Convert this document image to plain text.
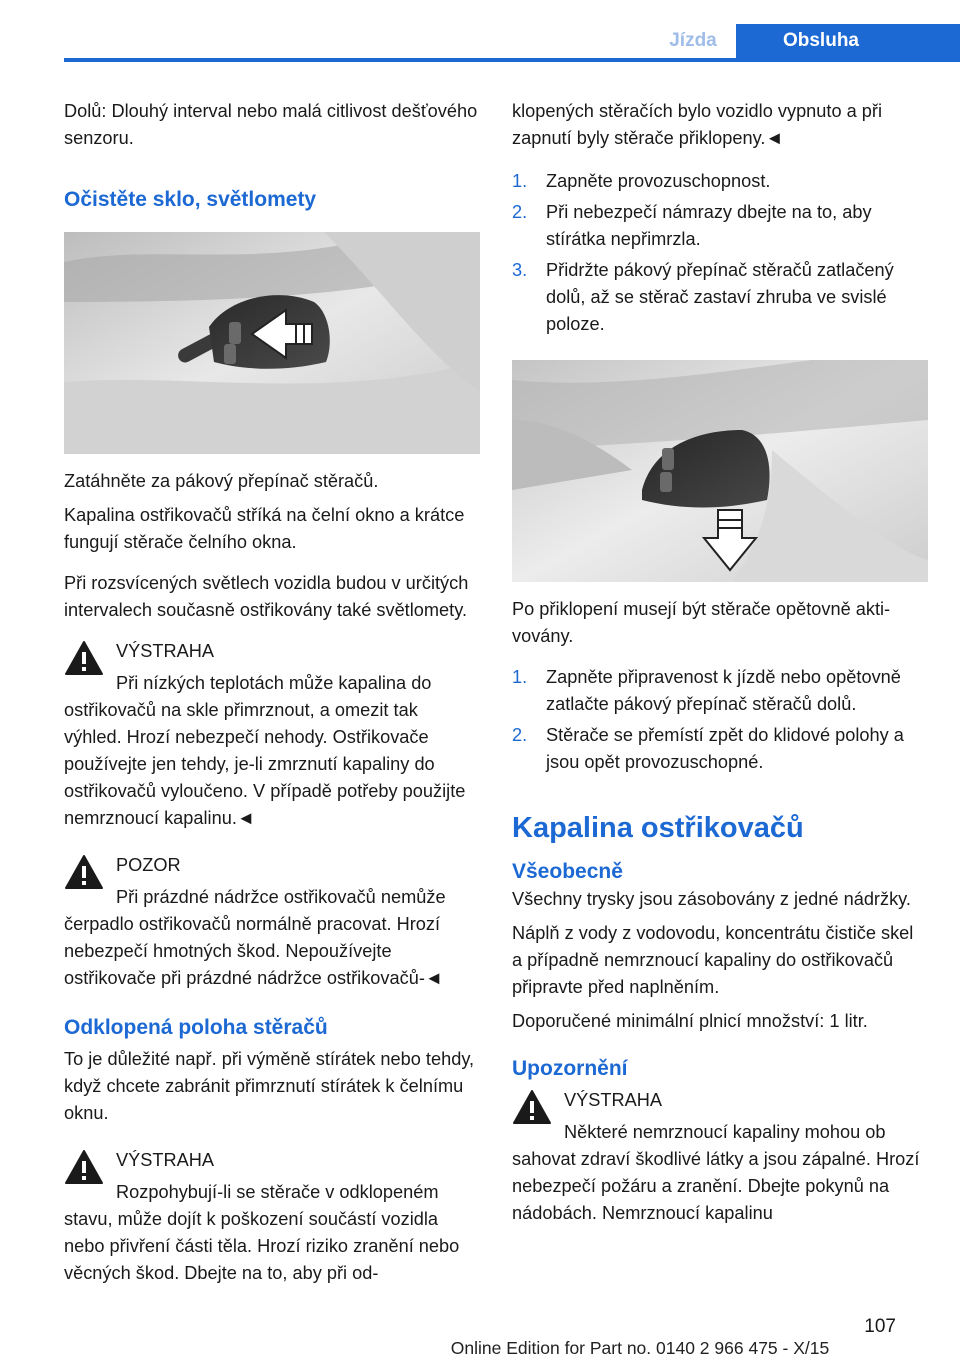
Jízda	Obsluha

Dolů: Dlouhý interval nebo malá citlivost dešťového senzoru.

Očistěte sklo, světlomety

Zatáhněte za pákový přepínač stěračů.

Kapalina ostřikovačů stříká na čelní okno a krátce fungují stěrače čelního okna.

Při rozsvícených světlech vozidla budou v určitých intervalech současně ostřikovány také světlomety.

VÝSTRAHA
Při nízkých teplotách může kapalina do
ostřikovačů na skle přimrznout, a omezit tak výhled. Hrozí nebezpečí nehody. Ostřikovače používejte jen tehdy, je-li zmrznutí kapaliny do ostřikovačů vyloučeno. V případě potřeby použijte nemrznoucí kapalinu.◄
POZOR
Při prázdné nádržce ostřikovačů nemůže
čerpadlo ostřikovačů normálně pracovat. Hrozí nebezpečí hmotných škod. Nepoužívejte ostřikovače při prázdné nádržce ostřikovačů-◄
Odklopená poloha stěračů

To je důležité např. při výměně stírátek nebo tehdy, když chcete zabránit přimrznutí stírátek k čelnímu oknu.

VÝSTRAHA
Rozpohybují-li se stěrače v odklopeném
stavu, může dojít k poškození součástí vozidla nebo přivření části těla. Hrozí riziko zranění nebo věcných škod. Dbejte na to, aby při od-

klopených stěračích bylo vozidlo vypnuto a při zapnutí byly stěrače přiklopeny.◄

1. Zapněte provozuschopnost.
2. Při nebezpečí námrazy dbejte na to, aby stírátka nepřimrzla.
3. Přidržte pákový přepínač stěračů zatlačený dolů, až se stěrač zastaví zhruba ve svislé poloze.

Po přiklopení musejí být stěrače opětovně aktivovány.

1. Zapněte připravenost k jízdě nebo opětovně zatlačte pákový přepínač stěračů dolů.
2. Stěrače se přemístí zpět do klidové polohy a jsou opět provozuschopné.
Kapalina ostřikovačů
Všeobecně

Všechny trysky jsou zásobovány z jedné nádržky.

Náplň z vody z vodovodu, koncentrátu čističe skel a případně nemrznoucí kapaliny do ostřikovačů připravte před naplněním.

Doporučené minimální plnicí množství: 1 litr.

Upozornění
VÝSTRAHA
Některé nemrznoucí kapaliny mohou ob
sahovat zdraví škodlivé látky a jsou zápalné. Hrozí nebezpečí požáru a zranění. Dbejte pokynů na nádobách. Nemrznoucí kapalinu
107
Online Edition for Part no. 0140 2 966 475 - X/15
